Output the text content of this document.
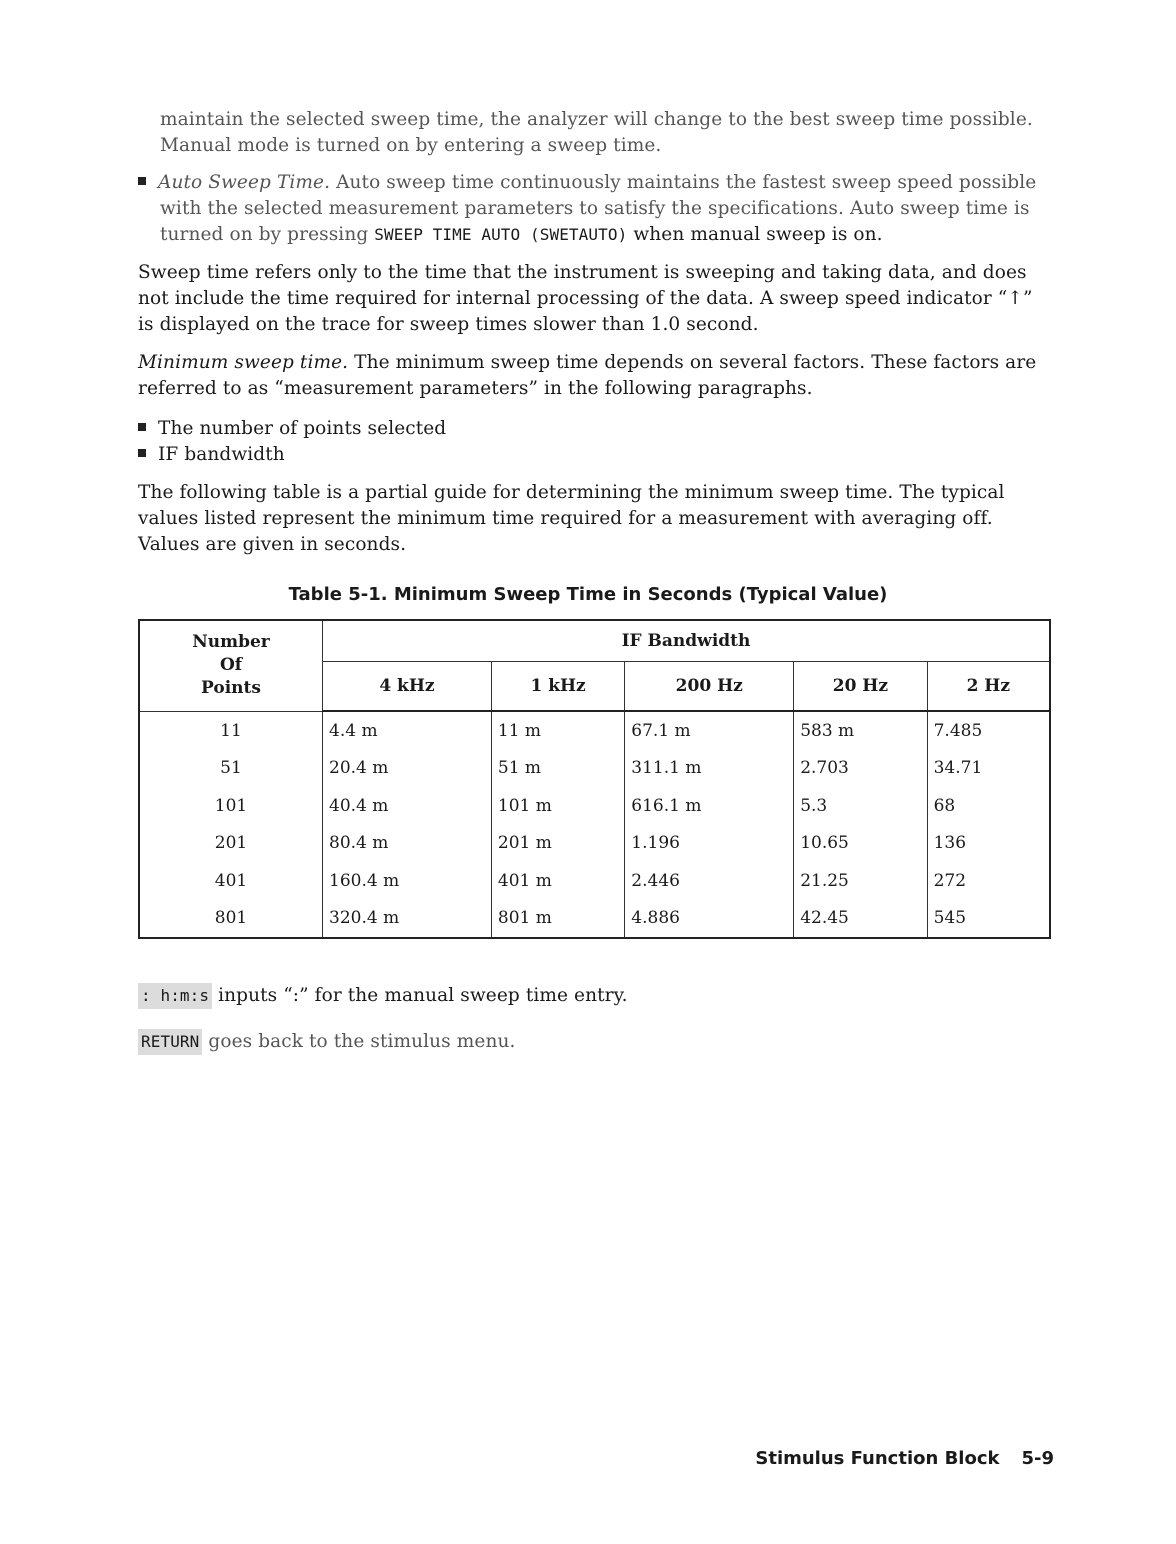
maintain the selected sweep time, the analyzer will change to the best sweep time possible.
Manual mode is turned on by entering a sweep time.
Auto Sweep Time. Auto sweep time continuously maintains the fastest sweep speed possible
with the selected measurement parameters to satisfy the specifications. Auto sweep time is
turned on by pressing SWEEP TIME AUTO (SWETAUTO) when manual sweep is on.
Sweep time refers only to the time that the instrument is sweeping and taking data, and does
not include the time required for internal processing of the data. A sweep speed indicator “↑”
is displayed on the trace for sweep times slower than 1.0 second.
Minimum sweep time. The minimum sweep time depends on several factors. These factors are
referred to as “measurement parameters” in the following paragraphs.
The number of points selected
IF bandwidth
The following table is a partial guide for determining the minimum sweep time. The typical
values listed represent the minimum time required for a measurement with averaging off.
Values are given in seconds.
Table 5-1. Minimum Sweep Time in Seconds (Typical Value)
Number
Of
Points	IF Bandwidth				
	4 kHz	1 kHz	200 Hz	20 Hz	2 Hz
11	4.4 m	11 m	67.1 m	583 m	7.485
51	20.4 m	51 m	311.1 m	2.703	34.71
101	40.4 m	101 m	616.1 m	5.3	68
201	80.4 m	201 m	1.196	10.65	136
401	160.4 m	401 m	2.446	21.25	272
801	320.4 m	801 m	4.886	42.45	545
: h:m:s inputs “:” for the manual sweep time entry.
RETURN goes back to the stimulus menu.
Stimulus Function Block 5-9
